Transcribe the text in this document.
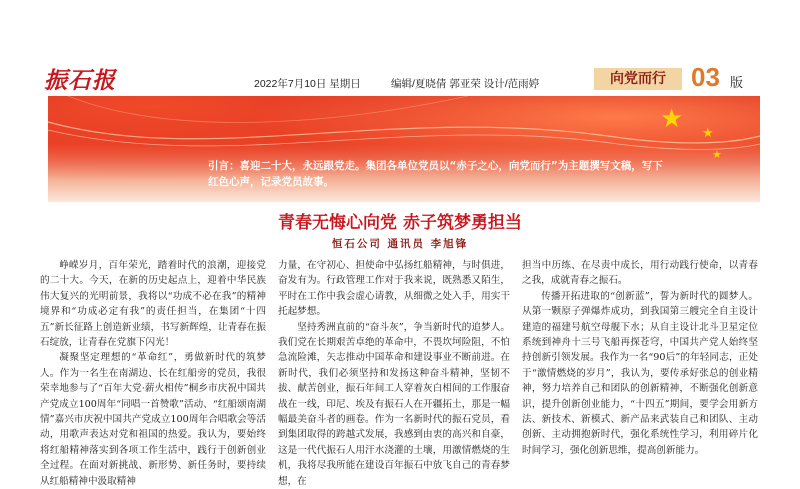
振石报	2022年7月10日 星期日	编辑/夏晓倩 郭亚荣 设计/范雨婷	向党而行 03 版
★ ★
★
引言：喜迎二十大，永远跟党走。集团各单位党员以“赤子之心，向党而行”为主题撰写文稿，写下红色心声，记录党员故事。
青春无悔心向党 赤子筑梦勇担当
恒石公司 通讯员 李旭锋

峥嵘岁月，百年荣光，踏着时代的浪潮，迎接党的二十大。今天，在新的历史起点上，迎着中华民族伟大复兴的光明前景，我将以“功成不必在我”的精神境界和“功成必定有我”的责任担当，在集团“十四五”新长征路上创造新业绩，书写新辉煌，让青春在振石绽放，让青春在党旗下闪光！

凝聚坚定理想的“革命红”，勇做新时代的筑梦人。作为一名生在南湖边、长在红船旁的党员，我很荣幸地参与了“百年大党·薪火相传”桐乡市庆祝中国共产党成立100周年“同唱一首赞歌”活动、“红船颂南湖情”嘉兴市庆祝中国共产党成立100周年合唱歌会等活动，用歌声表达对党和祖国的热爱。我认为，要始终将红船精神落实到各项工作生活中，践行于创新创业全过程。在面对新挑战、新形势、新任务时，要持续从红船精神中汲取精神

力量，在守初心、担使命中弘扬红船精神，与时俱进，奋发有为。行政管理工作对于我来说，既熟悉又陌生，平时在工作中我会虚心请教，从细微之处入手，用实干托起梦想。

坚持秀洲直前的“奋斗灰”，争当新时代的追梦人。我们党在长期艰苦卓绝的革命中，不畏坎坷险阻，不怕急流险滩，矢志推动中国革命和建设事业不断前进。在新时代，我们必须坚持和发扬这种奋斗精神，坚韧不拔、献苦创业，振石年间工人穿着灰白相间的工作服奋战在一线，印尼、埃及有振石人在开疆拓土，那是一幅幅最美奋斗者的画卷。作为一名新时代的振石党员，看到集团取得的跨越式发展，我感到由衷的高兴和自豪，这是一代代振石人用汗水浇灌的土壤，用激情燃烧的生机，我将尽我所能在建设百年振石中放飞自己的青春梦想，在

担当中历练、在尽责中成长，用行动践行使命，以青春之我，成就青春之振石。

传播开拓进取的“创新蓝”，誓为新时代的圆梦人。从第一颗原子弹爆炸成功，到我国第三艘完全自主设计建造的福建号航空母舰下水；从自主设计北斗卫星定位系统到神舟十三号飞船再探苍穹，中国共产党人始终坚持创新引领发展。我作为一名“90后”的年轻同志，正处于“激情燃烧的岁月”，我认为，要传承好张总的创业精神，努力培养自己和团队的创新精神，不断强化创新意识，提升创新创业能力，“十四五”期间，要学会用新方法、新技术、新模式、新产品来武装自己和团队、主动创新、主动拥抱新时代，强化系统性学习，利用碎片化时间学习，强化创新思维，提高创新能力。
